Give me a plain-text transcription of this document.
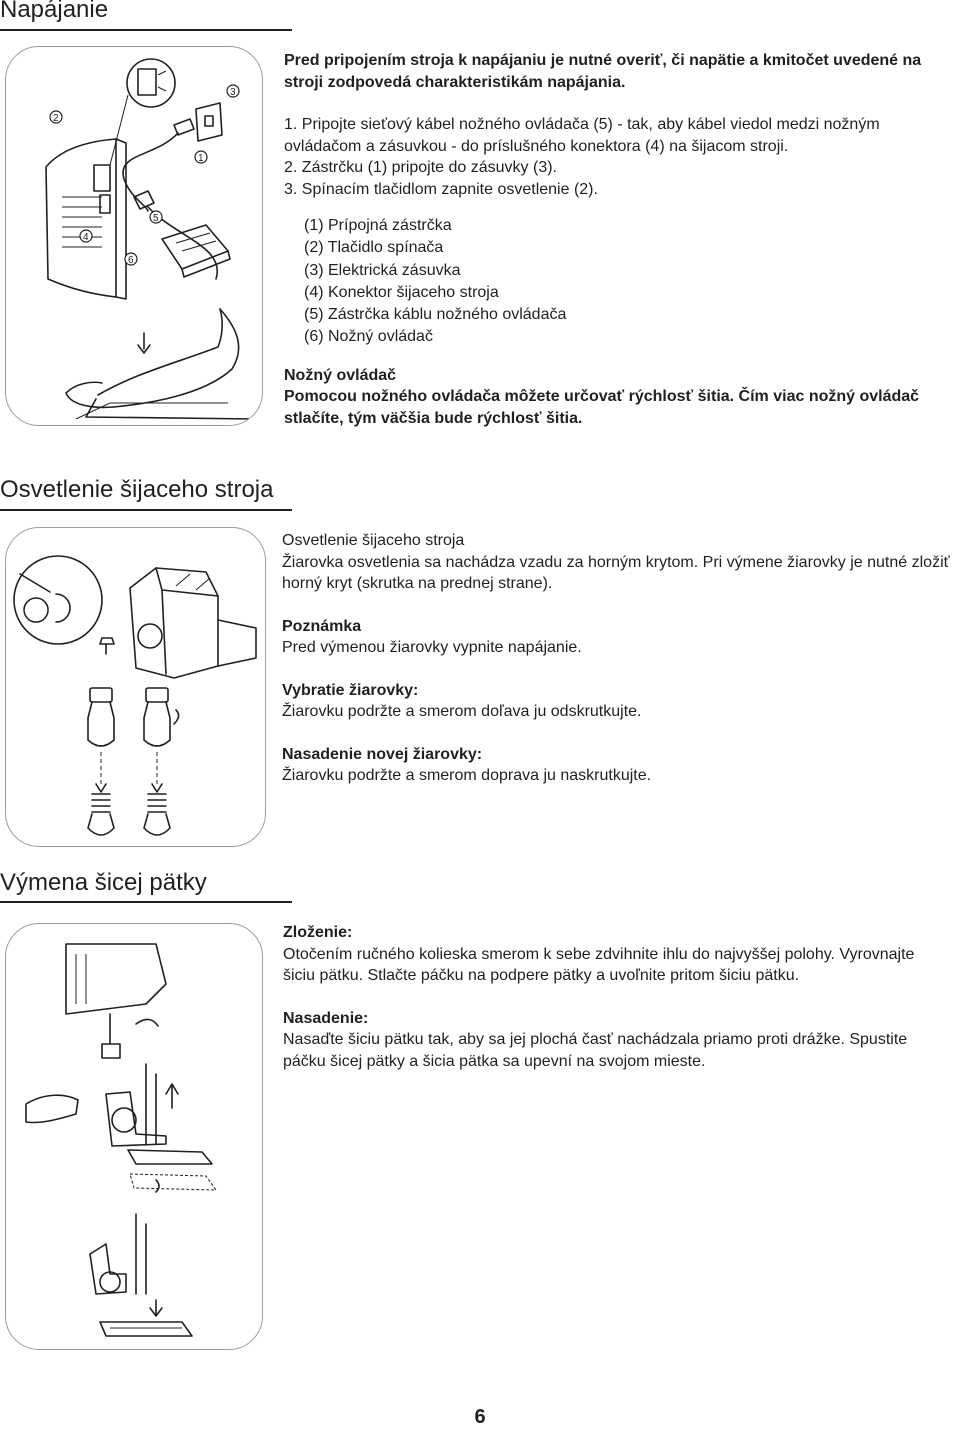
Napájanie
3
2
1
5
4
6

Pred pripojením stroja k napájaniu je nutné overiť, či napätie a kmitočet uvedené na stroji zodpovedá charakteristikám napájania.

1. Pripojte sieťový kábel nožného ovládača (5) - tak, aby kábel viedol medzi nožným ovládačom a zásuvkou - do príslušného konektora (4) na šijacom stroji.
2. Zástrčku (1) pripojte do zásuvky (3).
3. Spínacím tlačidlom zapnite osvetlenie (2).
(1) Prípojná zástrčka
(2) Tlačidlo spínača
(3) Elektrická zásuvka
(4) Konektor šijaceho stroja
(5) Zástrčka káblu nožného ovládača
(6) Nožný ovládač

Nožný ovládač

Pomocou nožného ovládača môžete určovať rýchlosť šitia. Čím viac nožný ovládač stlačíte, tým väčšia bude rýchlosť šitia.

Osvetlenie šijaceho stroja

Osvetlenie šijaceho stroja

Žiarovka osvetlenia sa nachádza vzadu za horným krytom. Pri výmene žiarovky je nutné zložiť horný kryt (skrutka na prednej strane).

Poznámka

Pred výmenou žiarovky vypnite napájanie.

Vybratie žiarovky:

Žiarovku podržte a smerom doľava ju odskrutkujte.

Nasadenie novej žiarovky:

Žiarovku podržte a smerom doprava ju naskrutkujte.

Výmena šicej pätky

Zloženie:

Otočením ručného kolieska smerom k sebe zdvihnite ihlu do najvyššej polohy. Vyrovnajte šiciu pätku. Stlačte páčku na podpere pätky a uvoľnite pritom šiciu pätku.

Nasadenie:

Nasaďte šiciu pätku tak, aby sa jej plochá časť nachádzala priamo proti drážke. Spustite páčku šicej pätky a šicia pätka sa upevní na svojom mieste.

6
